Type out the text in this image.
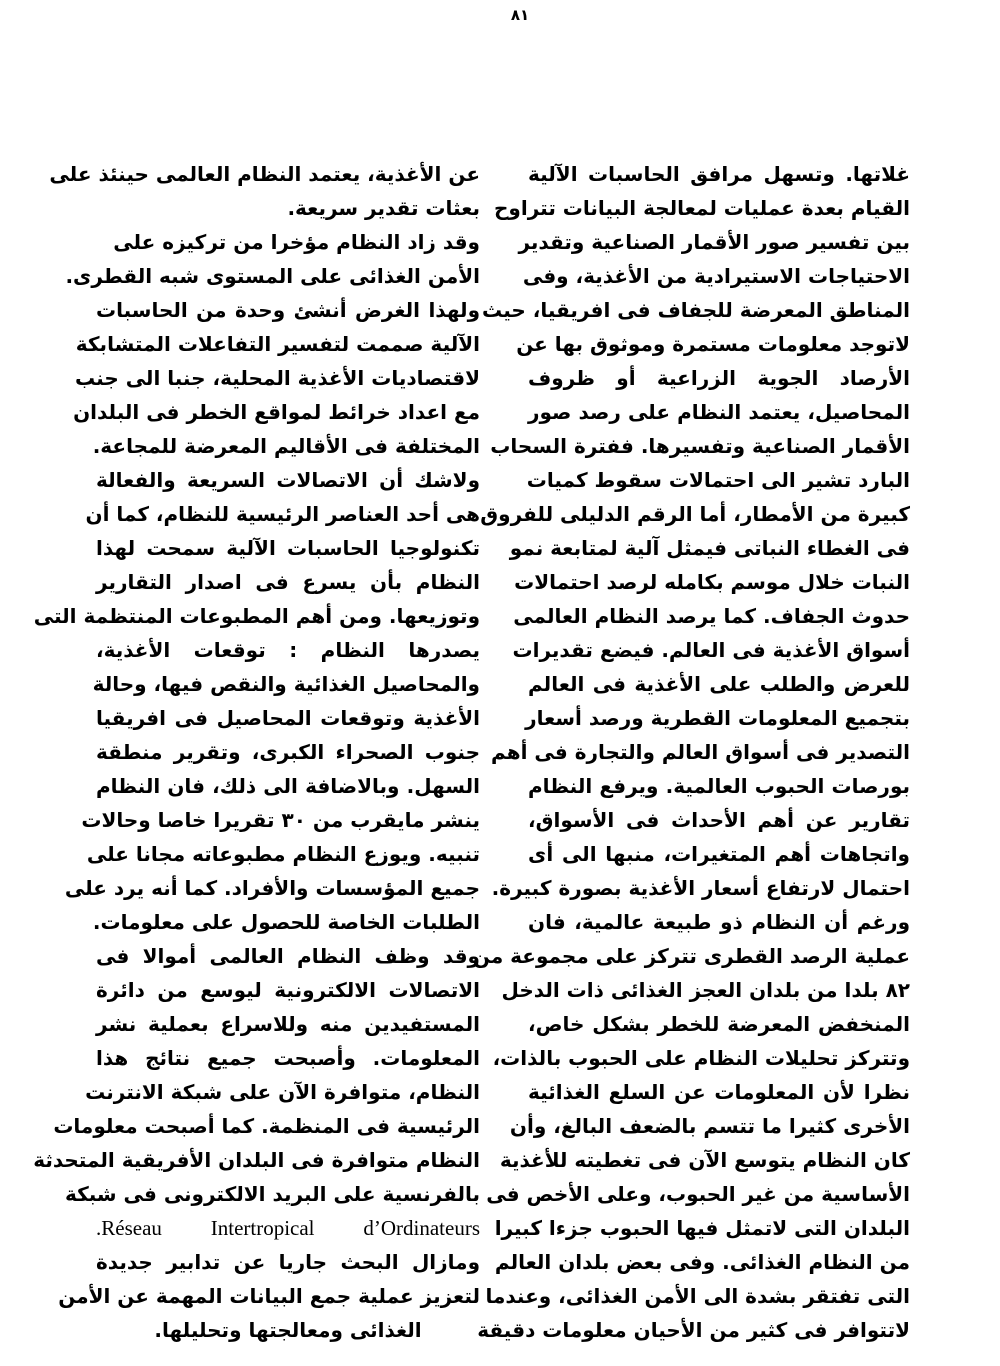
٨١
غلاتها. وتسهل مرافق الحاسبات الآلية
القيام بعدة عمليات لمعالجة البيانات تتراوح
بين تفسير صور الأقمار الصناعية وتقدير
الاحتياجات الاستيرادية من الأغذية، وفى
المناطق المعرضة للجفاف فى افريقيا، حيث
لاتوجد معلومات مستمرة وموثوق بها عن
الأرصاد الجوية الزراعية أو ظروف
المحاصيل، يعتمد النظام على رصد صور
الأقمار الصناعية وتفسيرها. ففترة السحاب
البارد تشير الى احتمالات سقوط كميات
كبيرة من الأمطار، أما الرقم الدليلى للفروق
فى الغطاء النباتى فيمثل آلية لمتابعة نمو
النبات خلال موسم بكامله لرصد احتمالات
حدوث الجفاف. كما يرصد النظام العالمى
أسواق الأغذية فى العالم. فيضع تقديرات
للعرض والطلب على الأغذية فى العالم
بتجميع المعلومات القطرية ورصد أسعار
التصدير فى أسواق العالم والتجارة فى أهم
بورصات الحبوب العالمية. ويرفع النظام
تقارير عن أهم الأحداث فى الأسواق،
واتجاهات أهم المتغيرات، منبها الى أى
احتمال لارتفاع أسعار الأغذية بصورة كبيرة.
ورغم أن النظام ذو طبيعة عالمية، فان
عملية الرصد القطرى تتركز على مجموعة من
٨٢ بلدا من بلدان العجز الغذائى ذات الدخل
المنخفض المعرضة للخطر بشكل خاص،
وتتركز تحليلات النظام على الحبوب بالذات،
نظرا لأن المعلومات عن السلع الغذائية
الأخرى كثيرا ما تتسم بالضعف البالغ، وأن
كان النظام يتوسع الآن فى تغطيته للأغذية
الأساسية من غير الحبوب، وعلى الأخص فى
البلدان التى لاتمثل فيها الحبوب جزءا كبيرا
من النظام الغذائى. وفى بعض بلدان العالم
التى تفتقر بشدة الى الأمن الغذائى، وعندما
لاتتوافر فى كثير من الأحيان معلومات دقيقة
عن الأغذية، يعتمد النظام العالمى حينئذ على
بعثات تقدير سريعة.
وقد زاد النظام مؤخرا من تركيزه على
الأمن الغذائى على المستوى شبه القطرى.
ولهذا الغرض أنشئ وحدة من الحاسبات
الآلية صممت لتفسير التفاعلات المتشابكة
لاقتصاديات الأغذية المحلية، جنبا الى جنب
مع اعداد خرائط لمواقع الخطر فى البلدان
المختلفة فى الأقاليم المعرضة للمجاعة.
ولاشك أن الاتصالات السريعة والفعالة
هى أحد العناصر الرئيسية للنظام، كما أن
تكنولوجيا الحاسبات الآلية سمحت لهذا
النظام بأن يسرع فى اصدار التقارير
وتوزيعها. ومن أهم المطبوعات المنتظمة التى
يصدرها النظام : توقعات الأغذية،
والمحاصيل الغذائية والنقص فيها، وحالة
الأغذية وتوقعات المحاصيل فى افريقيا
جنوب الصحراء الكبرى، وتقرير منطقة
السهل. وبالاضافة الى ذلك، فان النظام
ينشر مايقرب من ٣٠ تقريرا خاصا وحالات
تنبيه. ويوزع النظام مطبوعاته مجانا على
جميع المؤسسات والأفراد. كما أنه يرد على
الطلبات الخاصة للحصول على معلومات.
وقد وظف النظام العالمى أموالا فى
الاتصالات الالكترونية ليوسع من دائرة
المستفيدين منه وللاسراع بعملية نشر
المعلومات. وأصبحت جميع نتائج هذا
النظام، متوافرة الآن على شبكة الانترنت
الرئيسية فى المنظمة. كما أصبحت معلومات
النظام متوافرة فى البلدان الأفريقية المتحدثة
بالفرنسية على البريد الالكترونى فى شبكة
Réseau Intertropical d’Ordinateurs.
ومازال البحث جاريا عن تدابير جديدة
لتعزيز عملية جمع البيانات المهمة عن الأمن
الغذائى ومعالجتها وتحليلها.
